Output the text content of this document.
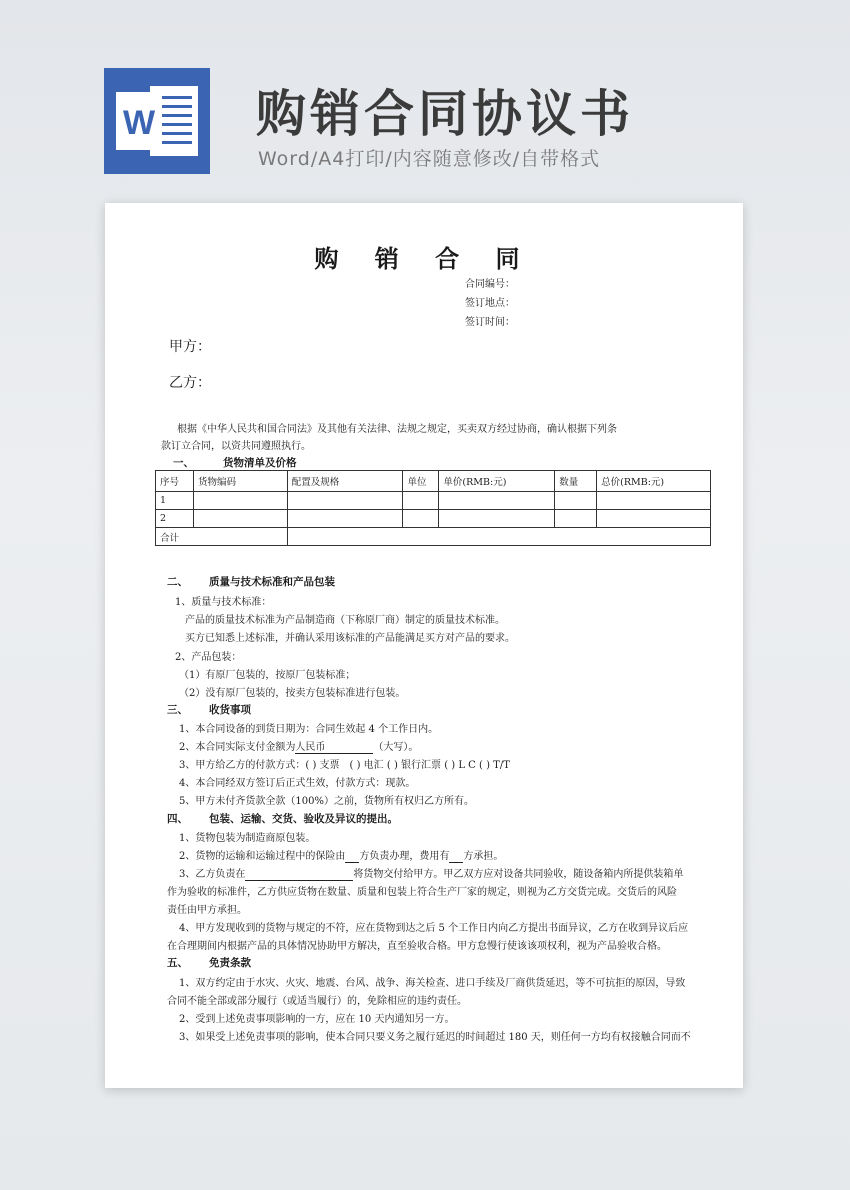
W 购销合同协议书
Word/A4打印/内容随意修改/自带格式
购 销 合 同
合同编号：
签订地点：
签订时间：
甲方：
乙方：
根据《中华人民共和国合同法》及其他有关法律、法规之规定，买卖双方经过协商，确认根据下列条
款订立合同，以资共同遵照执行。
一、	货物清单及价格
序号	货物编码	配置及规格	单位	单价(RMB:元)	数量	总价(RMB:元)
1						
2						
合计						
二、 质量与技术标准和产品包装
1、质量与技术标准：
产品的质量技术标准为产品制造商（下称原厂商）制定的质量技术标准。
买方已知悉上述标准，并确认采用该标准的产品能满足买方对产品的要求。
2、产品包装：
（1）有原厂包装的，按原厂包装标准；
（2）没有原厂包装的，按卖方包装标准进行包装。
三、 收货事项
1、本合同设备的到货日期为：合同生效起 4 个工作日内。
2、本合同实际支付金额为人民币	（大写）。
3、甲方给乙方的付款方式：( ) 支票　( ) 电汇 ( ) 银行汇票 ( ) L C ( ) T/T
4、本合同经双方签订后正式生效，付款方式：现款。
5、甲方未付齐货款全款（100%）之前，货物所有权归乙方所有。
四、 包装、运输、交货、验收及异议的提出。
1、货物包装为制造商原包装。
2、货物的运输和运输过程中的保险由 方负责办理，费用有 方承担。
3、乙方负责在	将货物交付给甲方。甲乙双方应对设备共同验收，随设备箱内所提供装箱单
作为验收的标准件，乙方供应货物在数量、质量和包装上符合生产厂家的规定，则视为乙方交货完成。交货后的风险
责任由甲方承担。
4、甲方发现收到的货物与规定的不符，应在货物到达之后 5 个工作日内向乙方提出书面异议，乙方在收到异议后应
在合理期间内根据产品的具体情况协助甲方解决，直至验收合格。甲方怠慢行使该该项权利，视为产品验收合格。
五、 免责条款
1、双方约定由于水灾、火灾、地震、台风、战争、海关检查、进口手续及厂商供货延迟，等不可抗拒的原因，导致
合同不能全部或部分履行（或适当履行）的，免除相应的违约责任。
2、受到上述免责事项影响的一方，应在 10 天内通知另一方。
3、如果受上述免责事项的影响，使本合同只要义务之履行延迟的时间超过 180 天，则任何一方均有权接触合同而不
